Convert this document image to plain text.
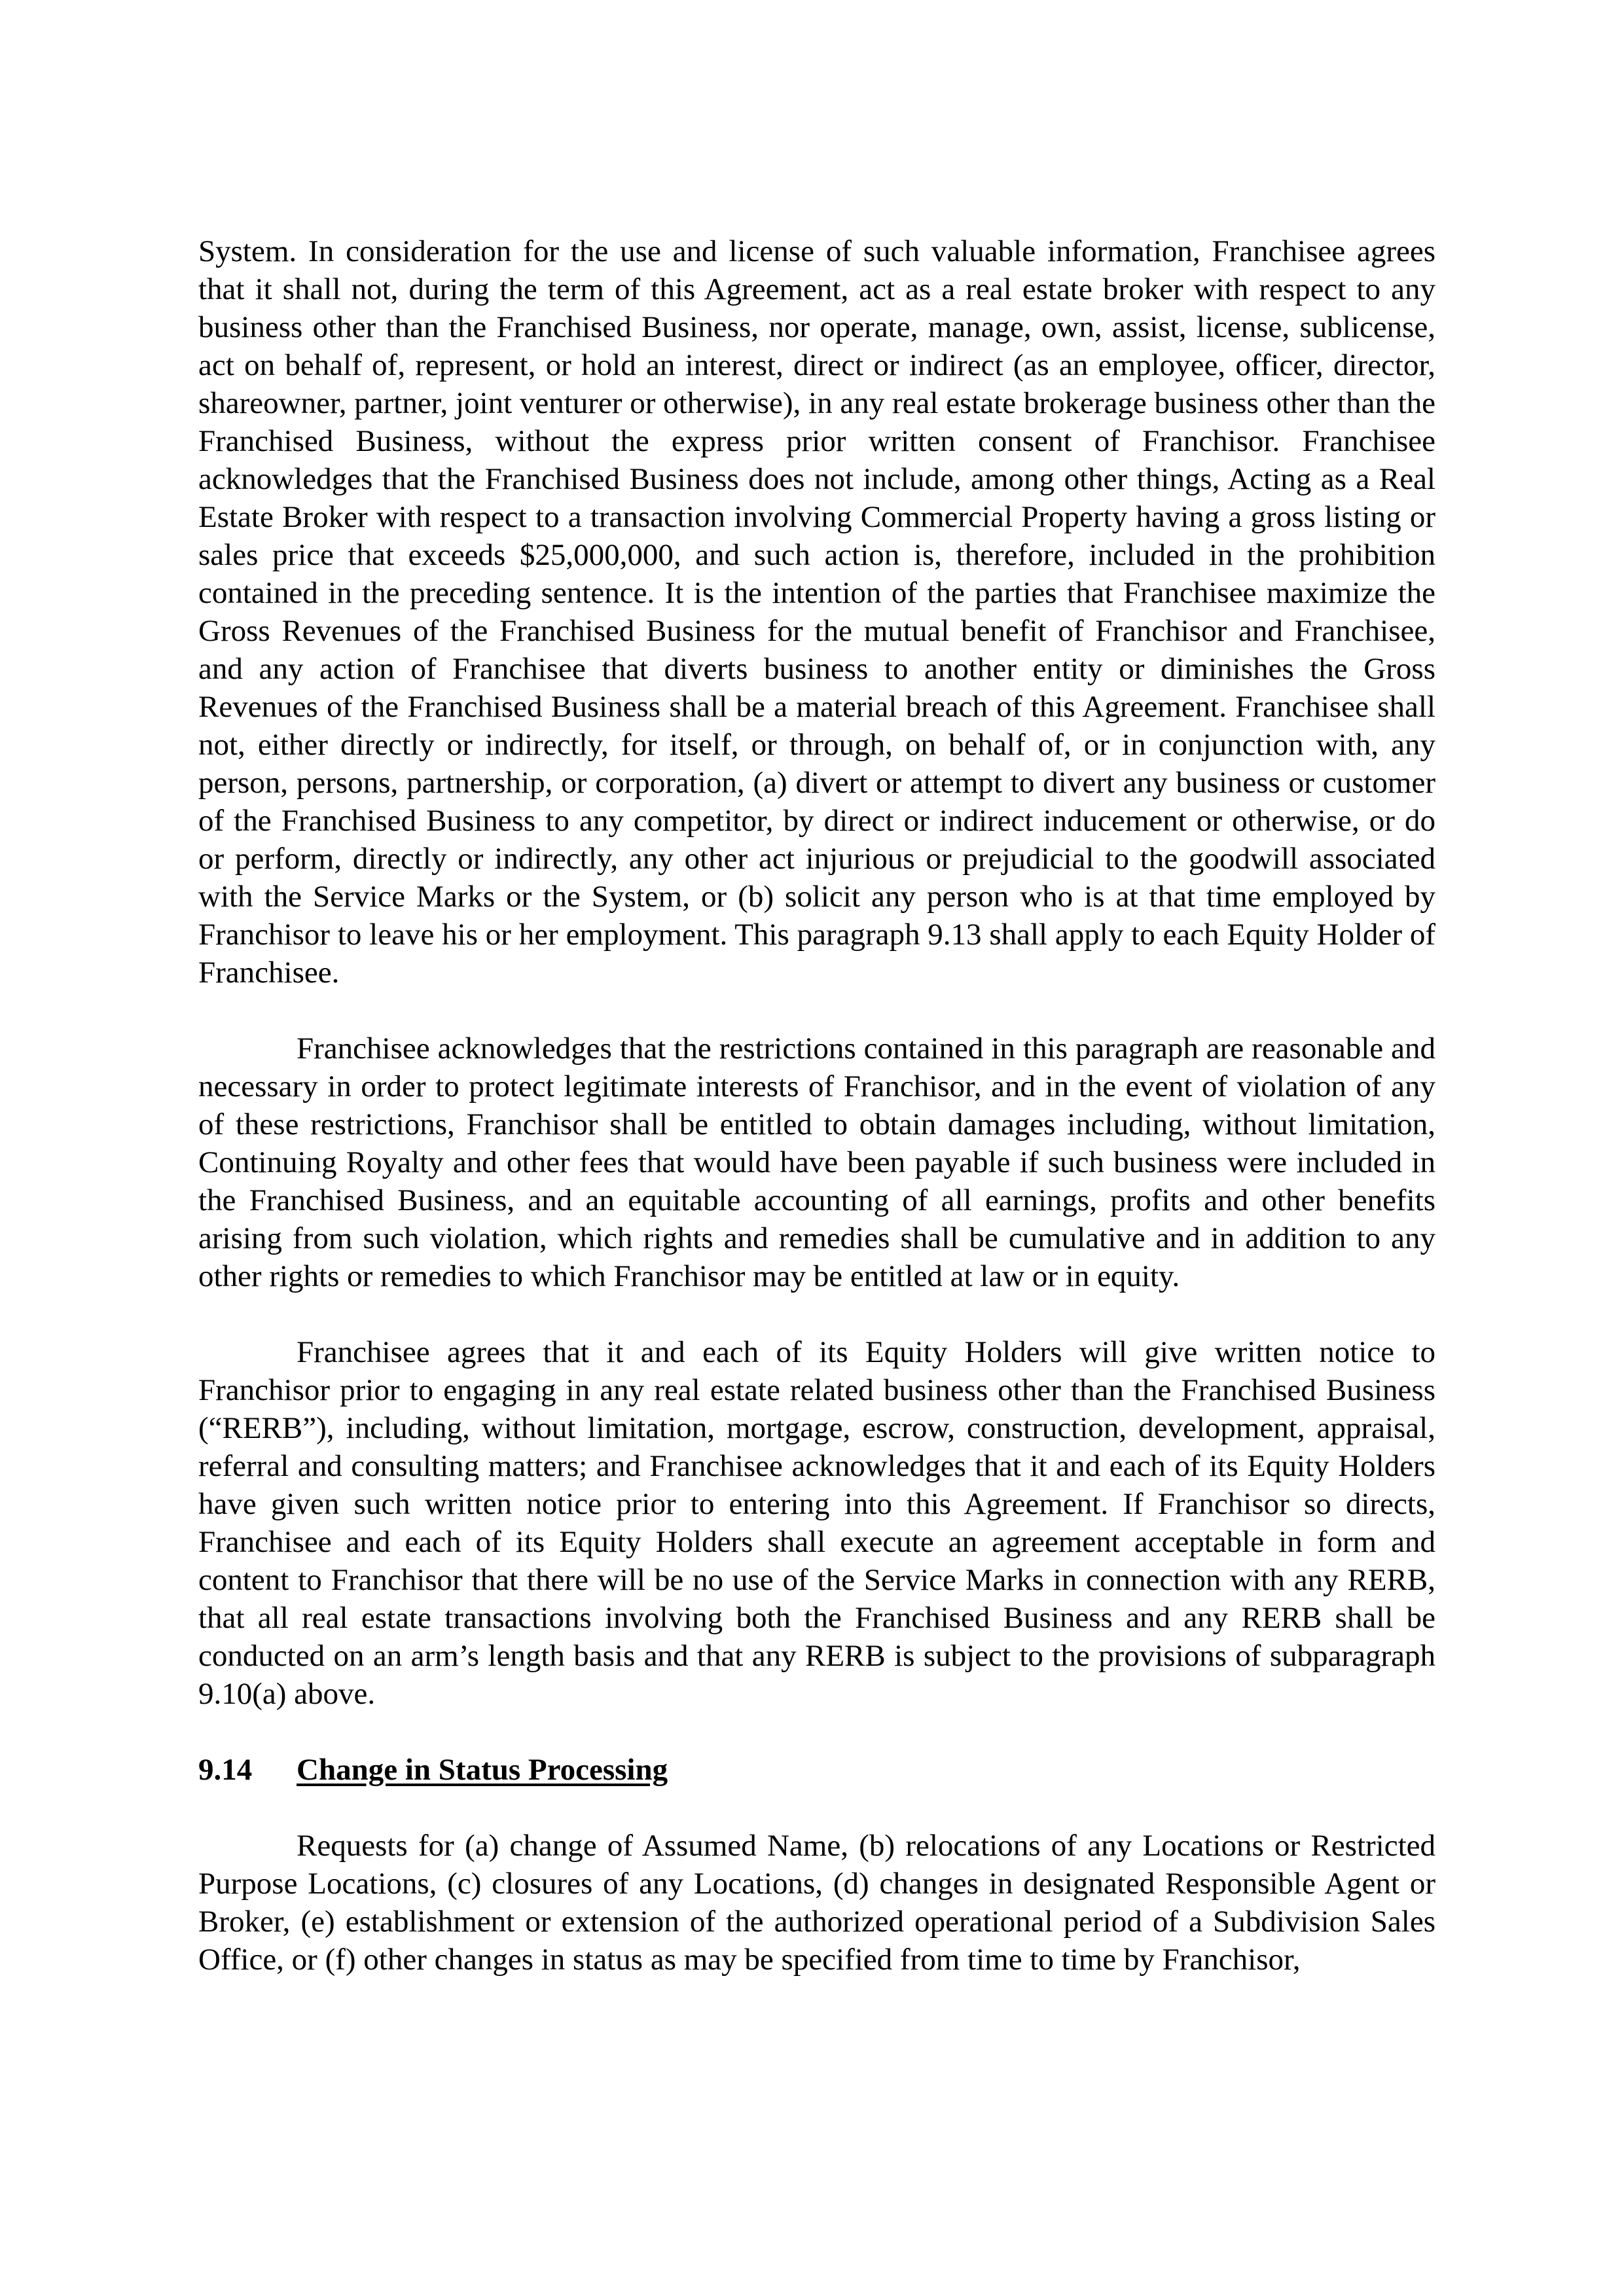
System. In consideration for the use and license of such valuable information, Franchisee agrees that it shall not, during the term of this Agreement, act as a real estate broker with respect to any business other than the Franchised Business, nor operate, manage, own, assist, license, sublicense, act on behalf of, represent, or hold an interest, direct or indirect (as an employee, officer, director, shareowner, partner, joint venturer or otherwise), in any real estate brokerage business other than the Franchised Business, without the express prior written consent of Franchisor. Franchisee acknowledges that the Franchised Business does not include, among other things, Acting as a Real Estate Broker with respect to a transaction involving Commercial Property having a gross listing or sales price that exceeds $25,000,000, and such action is, therefore, included in the prohibition contained in the preceding sentence. It is the intention of the parties that Franchisee maximize the Gross Revenues of the Franchised Business for the mutual benefit of Franchisor and Franchisee, and any action of Franchisee that diverts business to another entity or diminishes the Gross Revenues of the Franchised Business shall be a material breach of this Agreement. Franchisee shall not, either directly or indirectly, for itself, or through, on behalf of, or in conjunction with, any person, persons, partnership, or corporation, (a) divert or attempt to divert any business or customer of the Franchised Business to any competitor, by direct or indirect inducement or otherwise, or do or perform, directly or indirectly, any other act injurious or prejudicial to the goodwill associated with the Service Marks or the System, or (b) solicit any person who is at that time employed by Franchisor to leave his or her employment. This paragraph 9.13 shall apply to each Equity Holder of Franchisee.

Franchisee acknowledges that the restrictions contained in this paragraph are reasonable and necessary in order to protect legitimate interests of Franchisor, and in the event of violation of any of these restrictions, Franchisor shall be entitled to obtain damages including, without limitation, Continuing Royalty and other fees that would have been payable if such business were included in the Franchised Business, and an equitable accounting of all earnings, profits and other benefits arising from such violation, which rights and remedies shall be cumulative and in addition to any other rights or remedies to which Franchisor may be entitled at law or in equity.

Franchisee agrees that it and each of its Equity Holders will give written notice to Franchisor prior to engaging in any real estate related business other than the Franchised Business (“RERB”), including, without limitation, mortgage, escrow, construction, development, appraisal, referral and consulting matters; and Franchisee acknowledges that it and each of its Equity Holders have given such written notice prior to entering into this Agreement. If Franchisor so directs, Franchisee and each of its Equity Holders shall execute an agreement acceptable in form and content to Franchisor that there will be no use of the Service Marks in connection with any RERB, that all real estate transactions involving both the Franchised Business and any RERB shall be conducted on an arm’s length basis and that any RERB is subject to the provisions of subparagraph 9.10(a) above.

9.14	Change in Status Processing

Requests for (a) change of Assumed Name, (b) relocations of any Locations or Restricted Purpose Locations, (c) closures of any Locations, (d) changes in designated Responsible Agent or Broker, (e) establishment or extension of the authorized operational period of a Subdivision Sales Office, or (f) other changes in status as may be specified from time to time by Franchisor,
